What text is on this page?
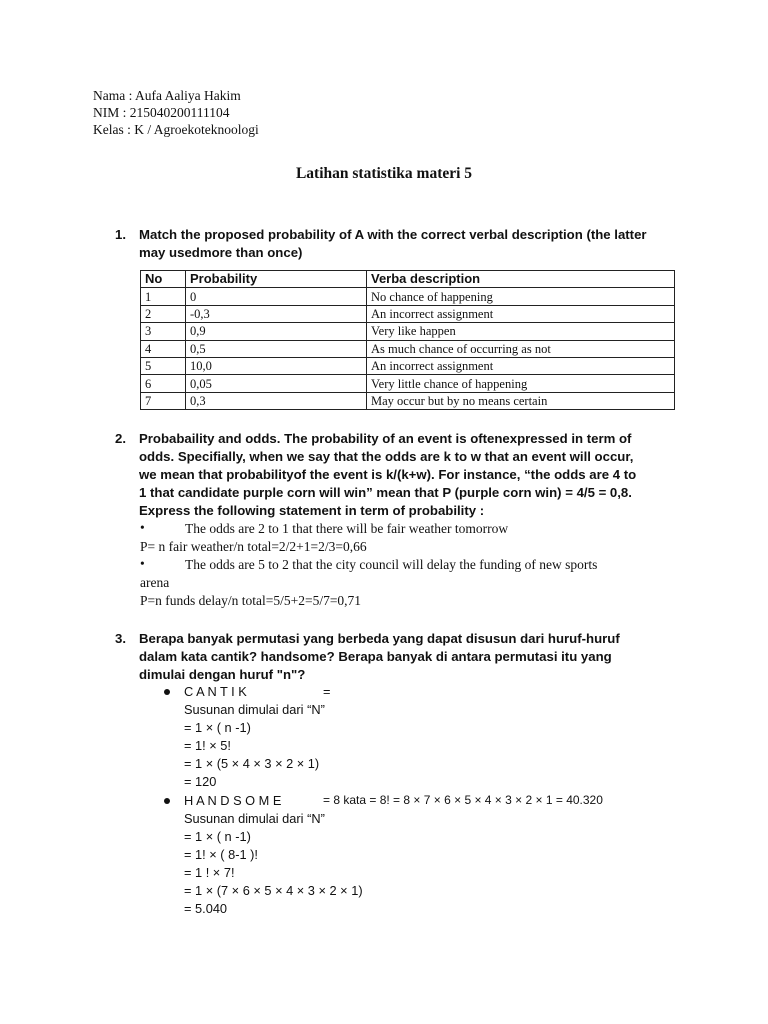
Nama : Aufa Aaliya Hakim
NIM : 215040200111104
Kelas : K / Agroekoteknoologi
Latihan statistika materi 5
1. Match the proposed probability of A with the correct verbal description (the latter may usedmore than once)
No	Probability	Verba description
1	0	No chance of happening
2	-0,3	An incorrect assignment
3	0,9	Very like happen
4	0,5	As much chance of occurring as not
5	10,0	An incorrect assignment
6	0,05	Very little chance of happening
7	0,3	May occur but by no means certain
2. Probabaility and odds. The probability of an event is oftenexpressed in term of
odds. Specifially, when we say that the odds are k to w that an event will occur,
we mean that probabilityof the event is k/(k+w). For instance, “the odds are 4 to
1 that candidate purple corn will win” mean that P (purple corn win) = 4/5 = 0,8.
Express the following statement in term of probability :
•	The odds are 2 to 1 that there will be fair weather tomorrow
P= n fair weather/n total=2/2+1=2/3=0,66
•	The odds are 5 to 2 that the city council will delay the funding of new sports
arena
P=n funds delay/n total=5/5+2=5/7=0,71
3. Berapa banyak permutasi yang berbeda yang dapat disusun dari huruf-huruf
dalam kata cantik? handsome? Berapa banyak di antara permutasi itu yang
dimulai dengan huruf "n"?
C A N T I K	=
Susunan dimulai dari “N”
= 1 × ( n -1)
= 1! × 5!
= 1 × (5 × 4 × 3 × 2 × 1)
= 120
H A N D S O M E	= 8 kata = 8! = 8 × 7 × 6 × 5 × 4 × 3 × 2 × 1 = 40.320
Susunan dimulai dari “N”
= 1 × ( n -1)
= 1! × ( 8-1 )!
= 1 ! × 7!
= 1 × (7 × 6 × 5 × 4 × 3 × 2 × 1)
= 5.040
